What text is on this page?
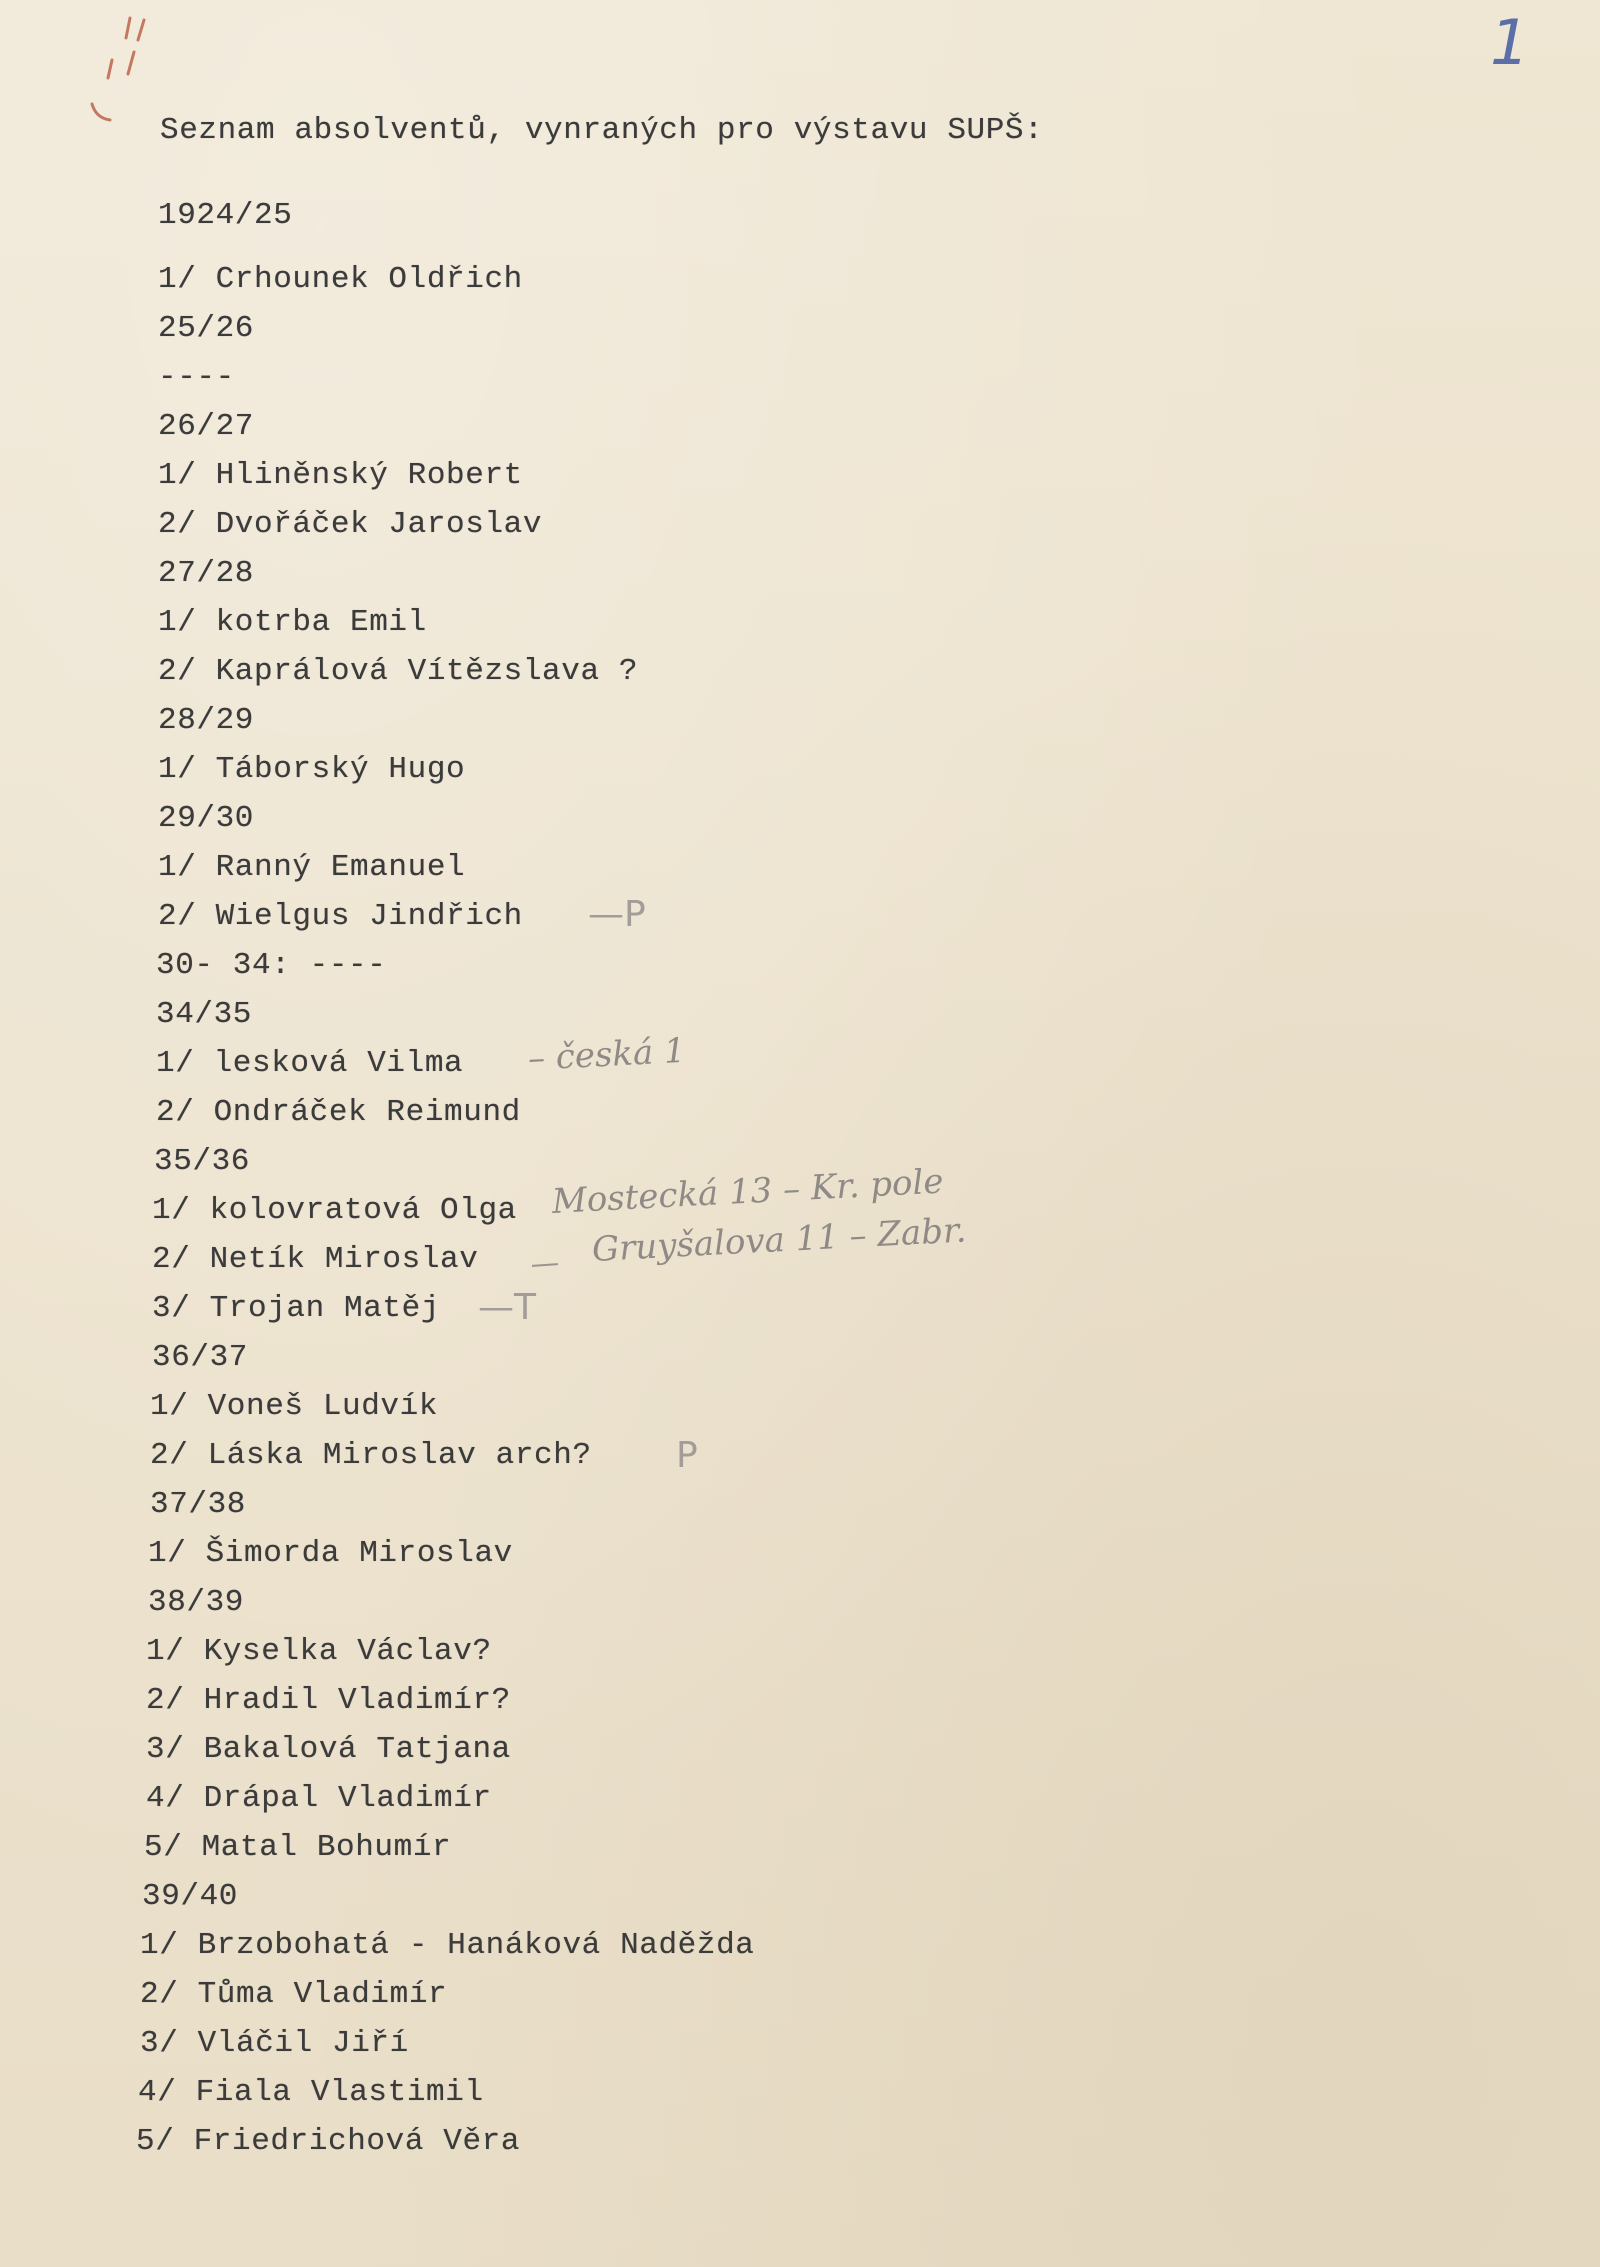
1
Seznam absolventů, vynraných pro výstavu SUPŠ:
1924/25
1/ Crhounek Oldřich
25/26
----
26/27
1/ Hliněnský Robert
2/ Dvořáček Jaroslav
27/28
1/ kotrba Emil
2/ Kaprálová Vítězslava ?
28/29
1/ Táborský Hugo
29/30
1/ Ranný Emanuel
2/ Wielgus Jindřich
30- 34: ----
34/35
1/ lesková Vilma
2/ Ondráček Reimund
35/36
1/ kolovratová Olga
2/ Netík Miroslav
3/ Trojan Matěj
36/37
1/ Voneš Ludvík
2/ Láska Miroslav arch?
37/38
1/ Šimorda Miroslav
38/39
1/ Kyselka Václav?
2/ Hradil Vladimír?
3/ Bakalová Tatjana
4/ Drápal Vladimír
5/ Matal Bohumír
39/40
1/ Brzobohatá - Hanáková Naděžda
2/ Tůma Vladimír
3/ Vláčil Jiří
4/ Fiala Vlastimil
5/ Friedrichová Věra
—P
– česká 1
Mostecká 13 – Kr. pole
Gruyšalova 11 – Zabr.
—T
P
